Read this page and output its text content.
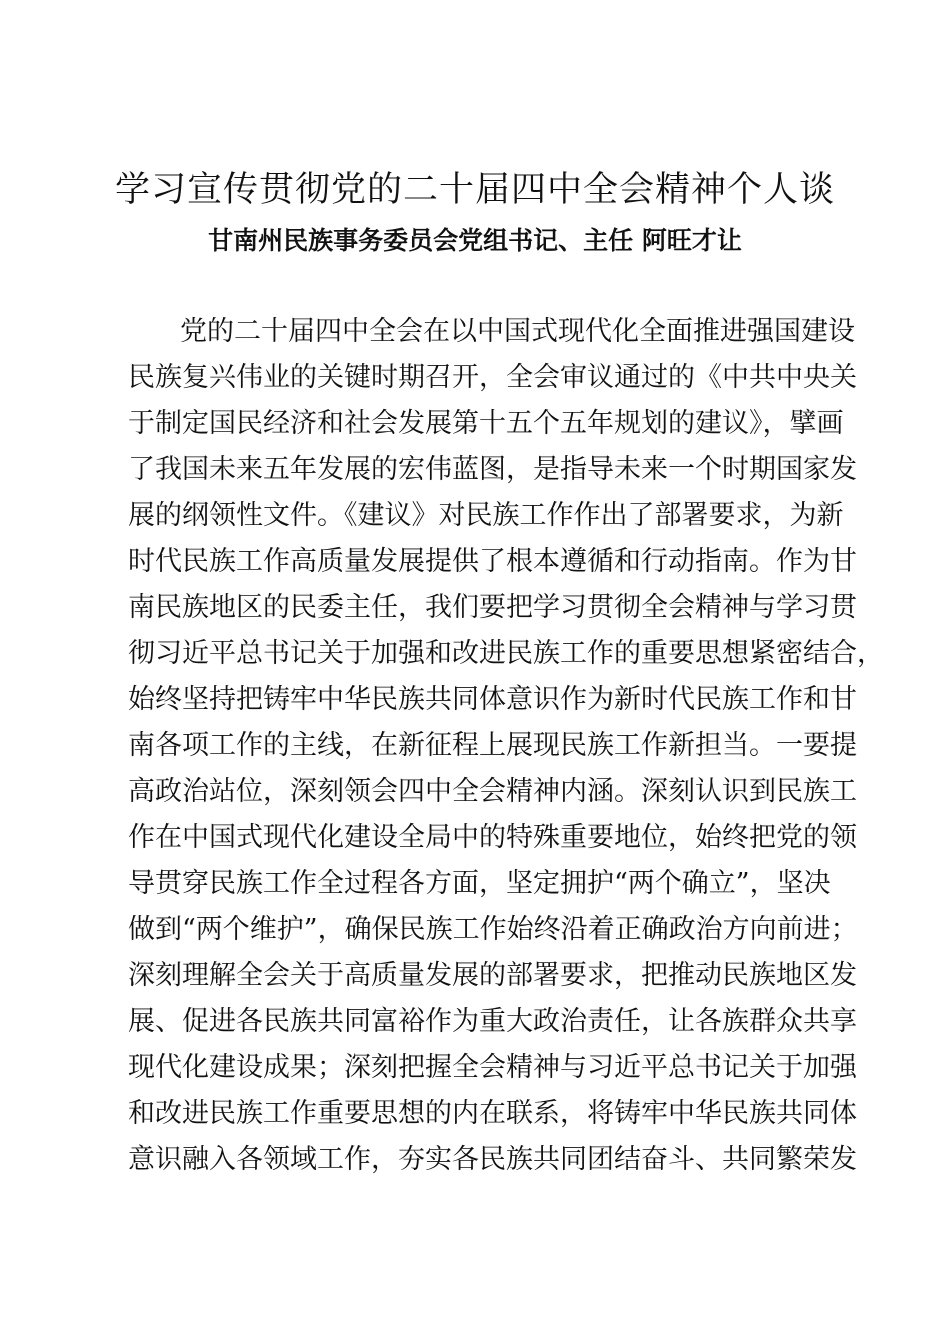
学习宣传贯彻党的二十届四中全会精神个人谈
甘南州民族事务委员会党组书记、主任 阿旺才让
党的二十届四中全会在以中国式现代化全面推进强国建设
民族复兴伟业的关键时期召开，全会审议通过的《中共中央关
于制定国民经济和社会发展第十五个五年规划的建议》，擘画
了我国未来五年发展的宏伟蓝图，是指导未来一个时期国家发
展的纲领性文件。《建议》对民族工作作出了部署要求，为新
时代民族工作高质量发展提供了根本遵循和行动指南。作为甘
南民族地区的民委主任，我们要把学习贯彻全会精神与学习贯
彻习近平总书记关于加强和改进民族工作的重要思想紧密结合，
始终坚持把铸牢中华民族共同体意识作为新时代民族工作和甘
南各项工作的主线，在新征程上展现民族工作新担当。一要提
高政治站位，深刻领会四中全会精神内涵。深刻认识到民族工
作在中国式现代化建设全局中的特殊重要地位，始终把党的领
导贯穿民族工作全过程各方面，坚定拥护“两个确立”，坚决
做到“两个维护”，确保民族工作始终沿着正确政治方向前进；
深刻理解全会关于高质量发展的部署要求，把推动民族地区发
展、促进各民族共同富裕作为重大政治责任，让各族群众共享
现代化建设成果；深刻把握全会精神与习近平总书记关于加强
和改进民族工作重要思想的内在联系，将铸牢中华民族共同体
意识融入各领域工作，夯实各民族共同团结奋斗、共同繁荣发
